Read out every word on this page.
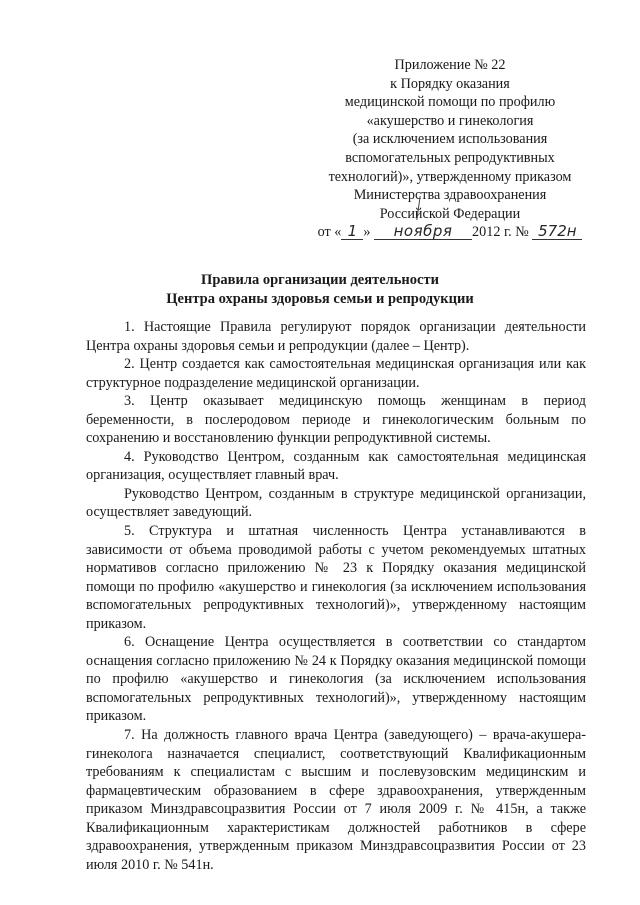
Приложение № 22
к Порядку оказания
медицинской помощи по профилю
«акушерство и гинекология
(за исключением использования
вспомогательных репродуктивных
технологий)», утвержденному приказом
Министерства здравоохранения
Российской Федерации
от « 1 » ноября 2012 г. № 572н
Правила организации деятельности
Центра охраны здоровья семьи и репродукции

1. Настоящие Правила регулируют порядок организации деятельности Центра охраны здоровья семьи и репродукции (далее – Центр).

2. Центр создается как самостоятельная медицинская организация или как структурное подразделение медицинской организации.

3. Центр оказывает медицинскую помощь женщинам в период беременности, в послеродовом периоде и гинекологическим больным по сохранению и восстановлению функции репродуктивной системы.

4. Руководство Центром, созданным как самостоятельная медицинская организация, осуществляет главный врач.

Руководство Центром, созданным в структуре медицинской организации, осуществляет заведующий.

5. Структура и штатная численность Центра устанавливаются в зависимости от объема проводимой работы с учетом рекомендуемых штатных нормативов согласно приложению № 23 к Порядку оказания медицинской помощи по профилю «акушерство и гинекология (за исключением использования вспомогательных репродуктивных технологий)», утвержденному настоящим приказом.

6. Оснащение Центра осуществляется в соответствии со стандартом оснащения согласно приложению № 24 к Порядку оказания медицинской помощи по профилю «акушерство и гинекология (за исключением использования вспомогательных репродуктивных технологий)», утвержденному настоящим приказом.

7. На должность главного врача Центра (заведующего) – врача-акушера-гинеколога назначается специалист, соответствующий Квалификационным требованиям к специалистам с высшим и послевузовским медицинским и фармацевтическим образованием в сфере здравоохранения, утвержденным приказом Минздравсоцразвития России от 7 июля 2009 г. № 415н, а также Квалификационным характеристикам должностей работников в сфере здравоохранения, утвержденным приказом Минздравсоцразвития России от 23 июля 2010 г. № 541н.
